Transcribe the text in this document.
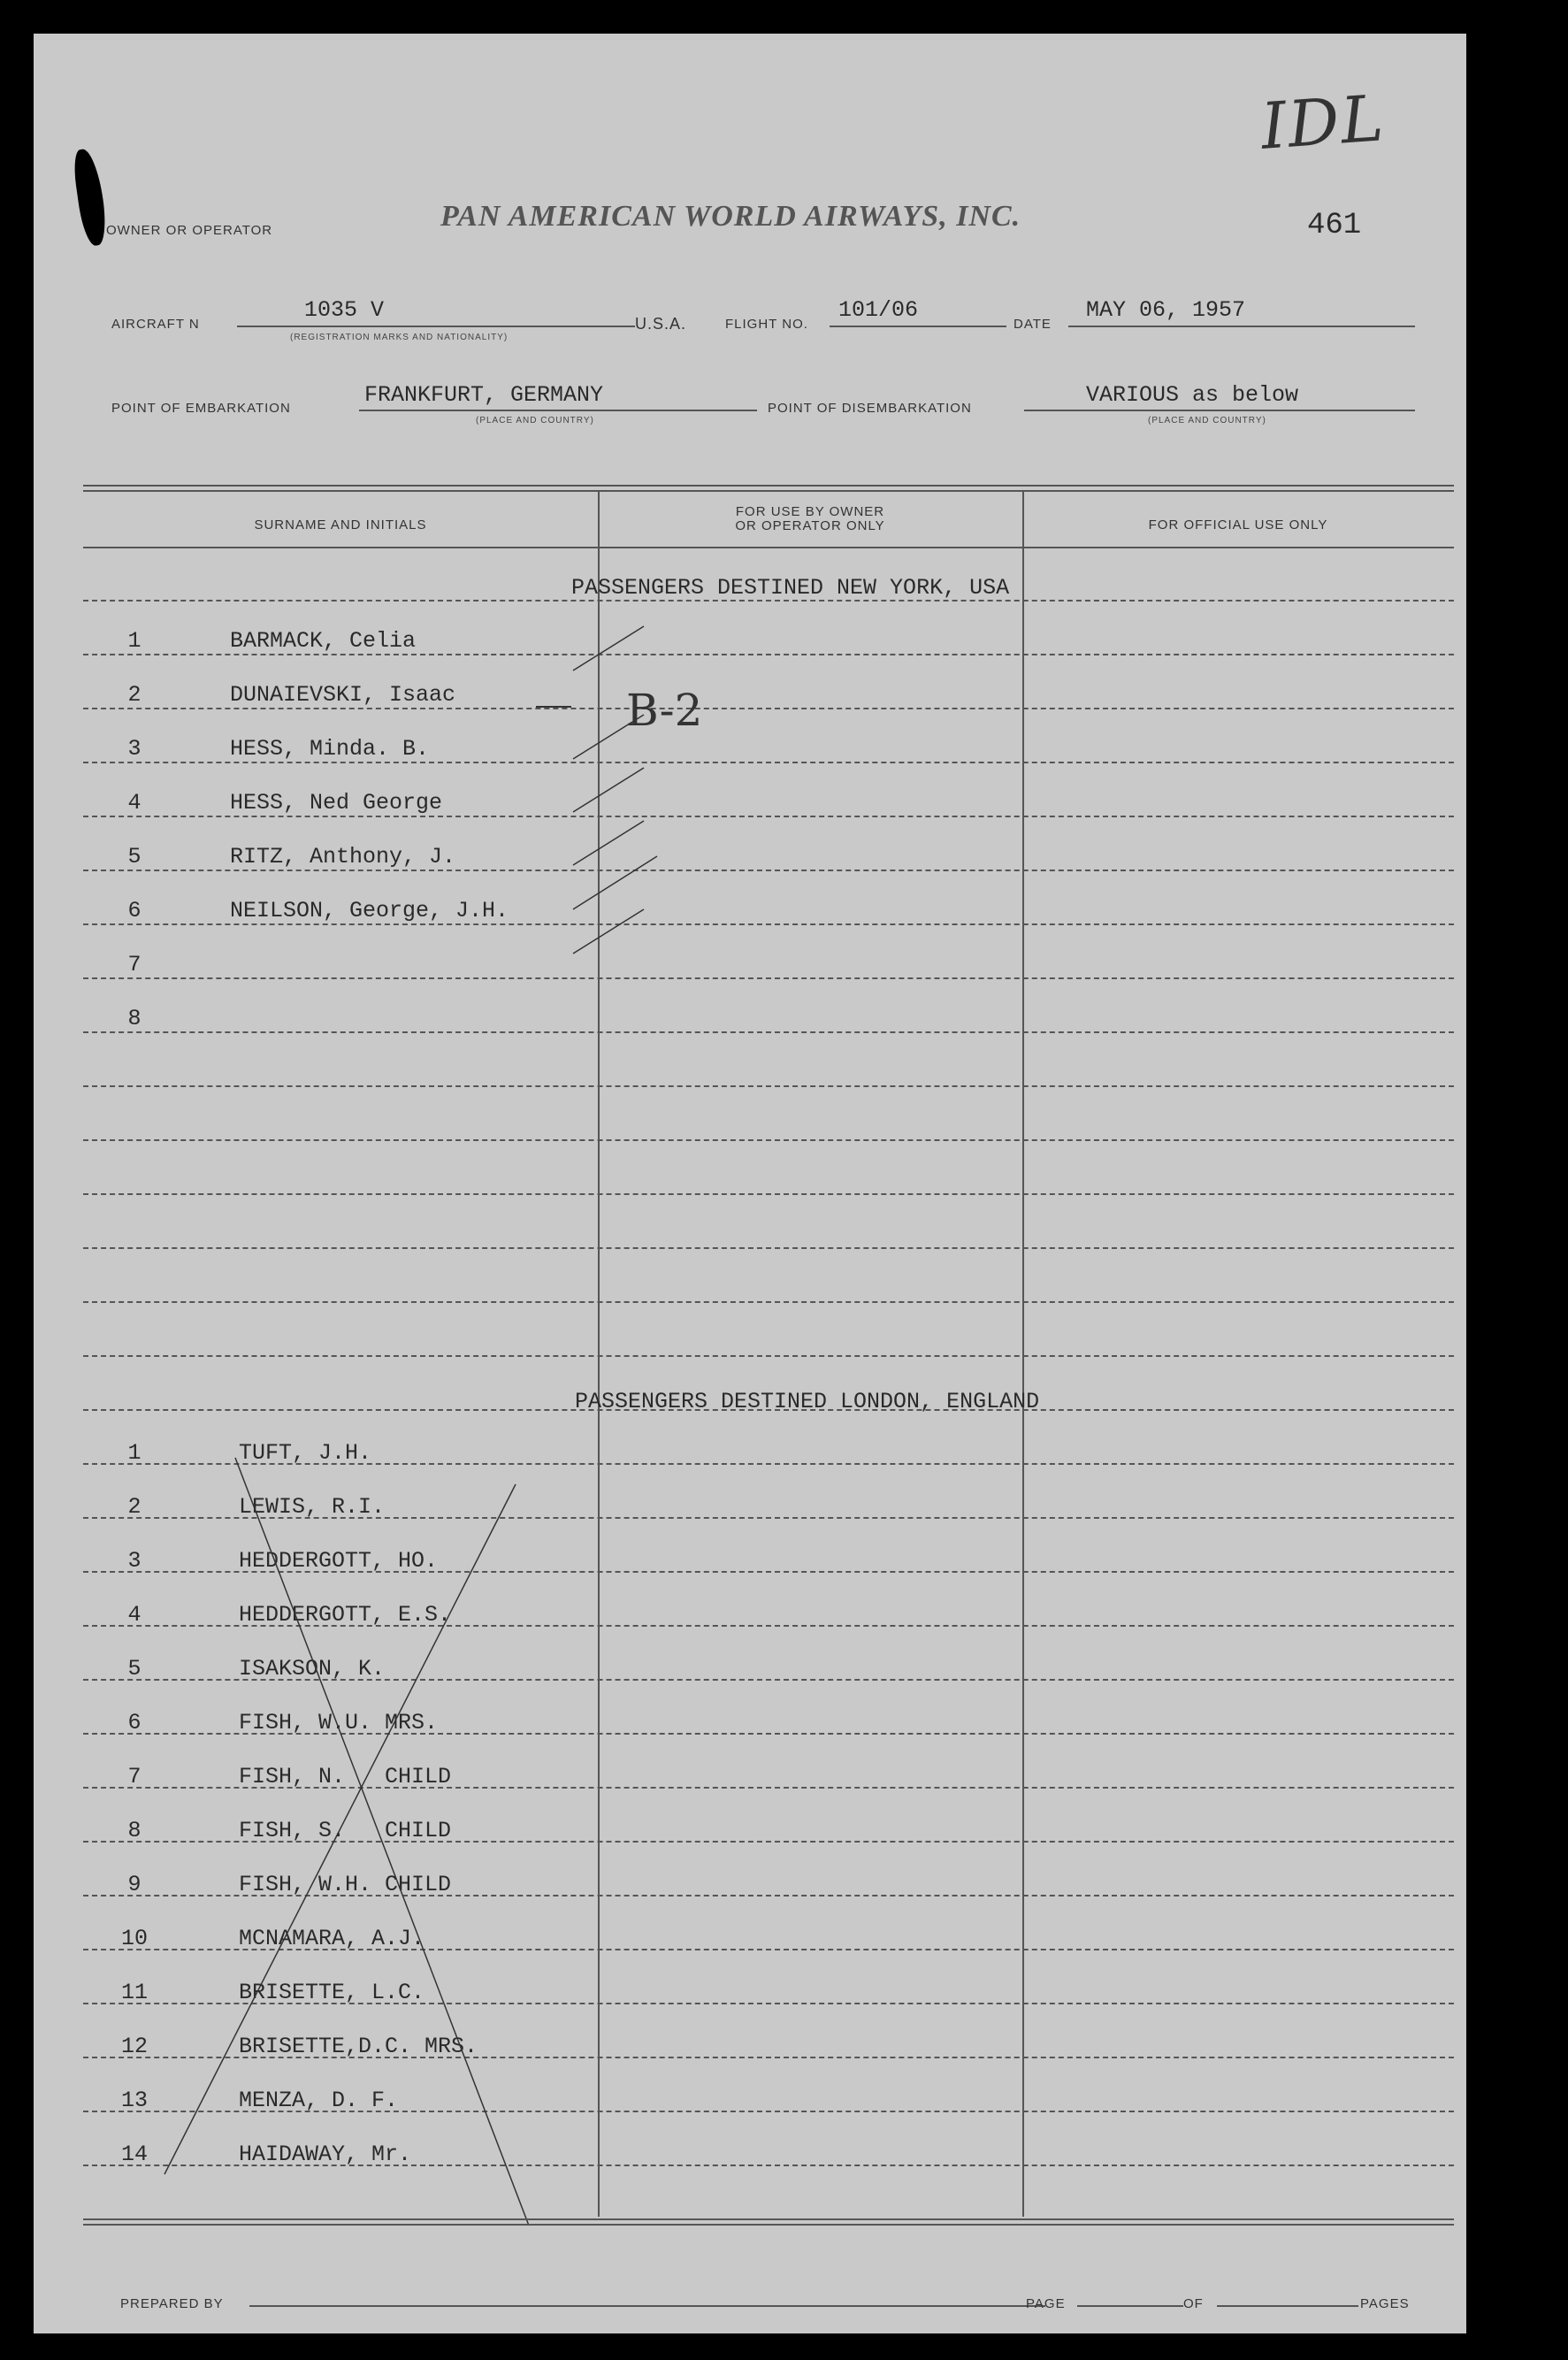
OWNER OR OPERATOR	PAN AMERICAN WORLD AIRWAYS, INC.	461
IDL
AIRCRAFT N
1035 V
(REGISTRATION MARKS AND NATIONALITY)
U.S.A.	FLIGHT NO.
101/06
DATE
MAY 06, 1957
POINT OF EMBARKATION
FRANKFURT, GERMANY
(PLACE AND COUNTRY)
POINT OF DISEMBARKATION
VARIOUS as below
(PLACE AND COUNTRY)
SURNAME AND INITIALS
FOR USE BY OWNER
OR OPERATOR ONLY	FOR OFFICIAL USE ONLY
PASSENGERS DESTINED NEW YORK, USA
1	BARMACK, Celia
2	DUNAIEVSKI, Isaac
3	HESS, Minda. B.
4	HESS, Ned George
5	RITZ, Anthony, J.
6	NEILSON, George, J.H.
7
8
PASSENGERS DESTINED LONDON, ENGLAND
1	TUFT, J.H.
2	LEWIS, R.I.
3	HEDDERGOTT, HO.
4	HEDDERGOTT, E.S.
5	ISAKSON, K.
6	FISH, W.U. MRS.
7	FISH, N.   CHILD
8	FISH, S.   CHILD
9	FISH, W.H. CHILD
10	MCNAMARA, A.J.
11	BRISETTE, L.C.
12	BRISETTE,D.C. MRS.
13	MENZA, D. F.
14	HAIDAWAY, Mr.
B-2
PREPARED BY	PAGE	OF	PAGES
